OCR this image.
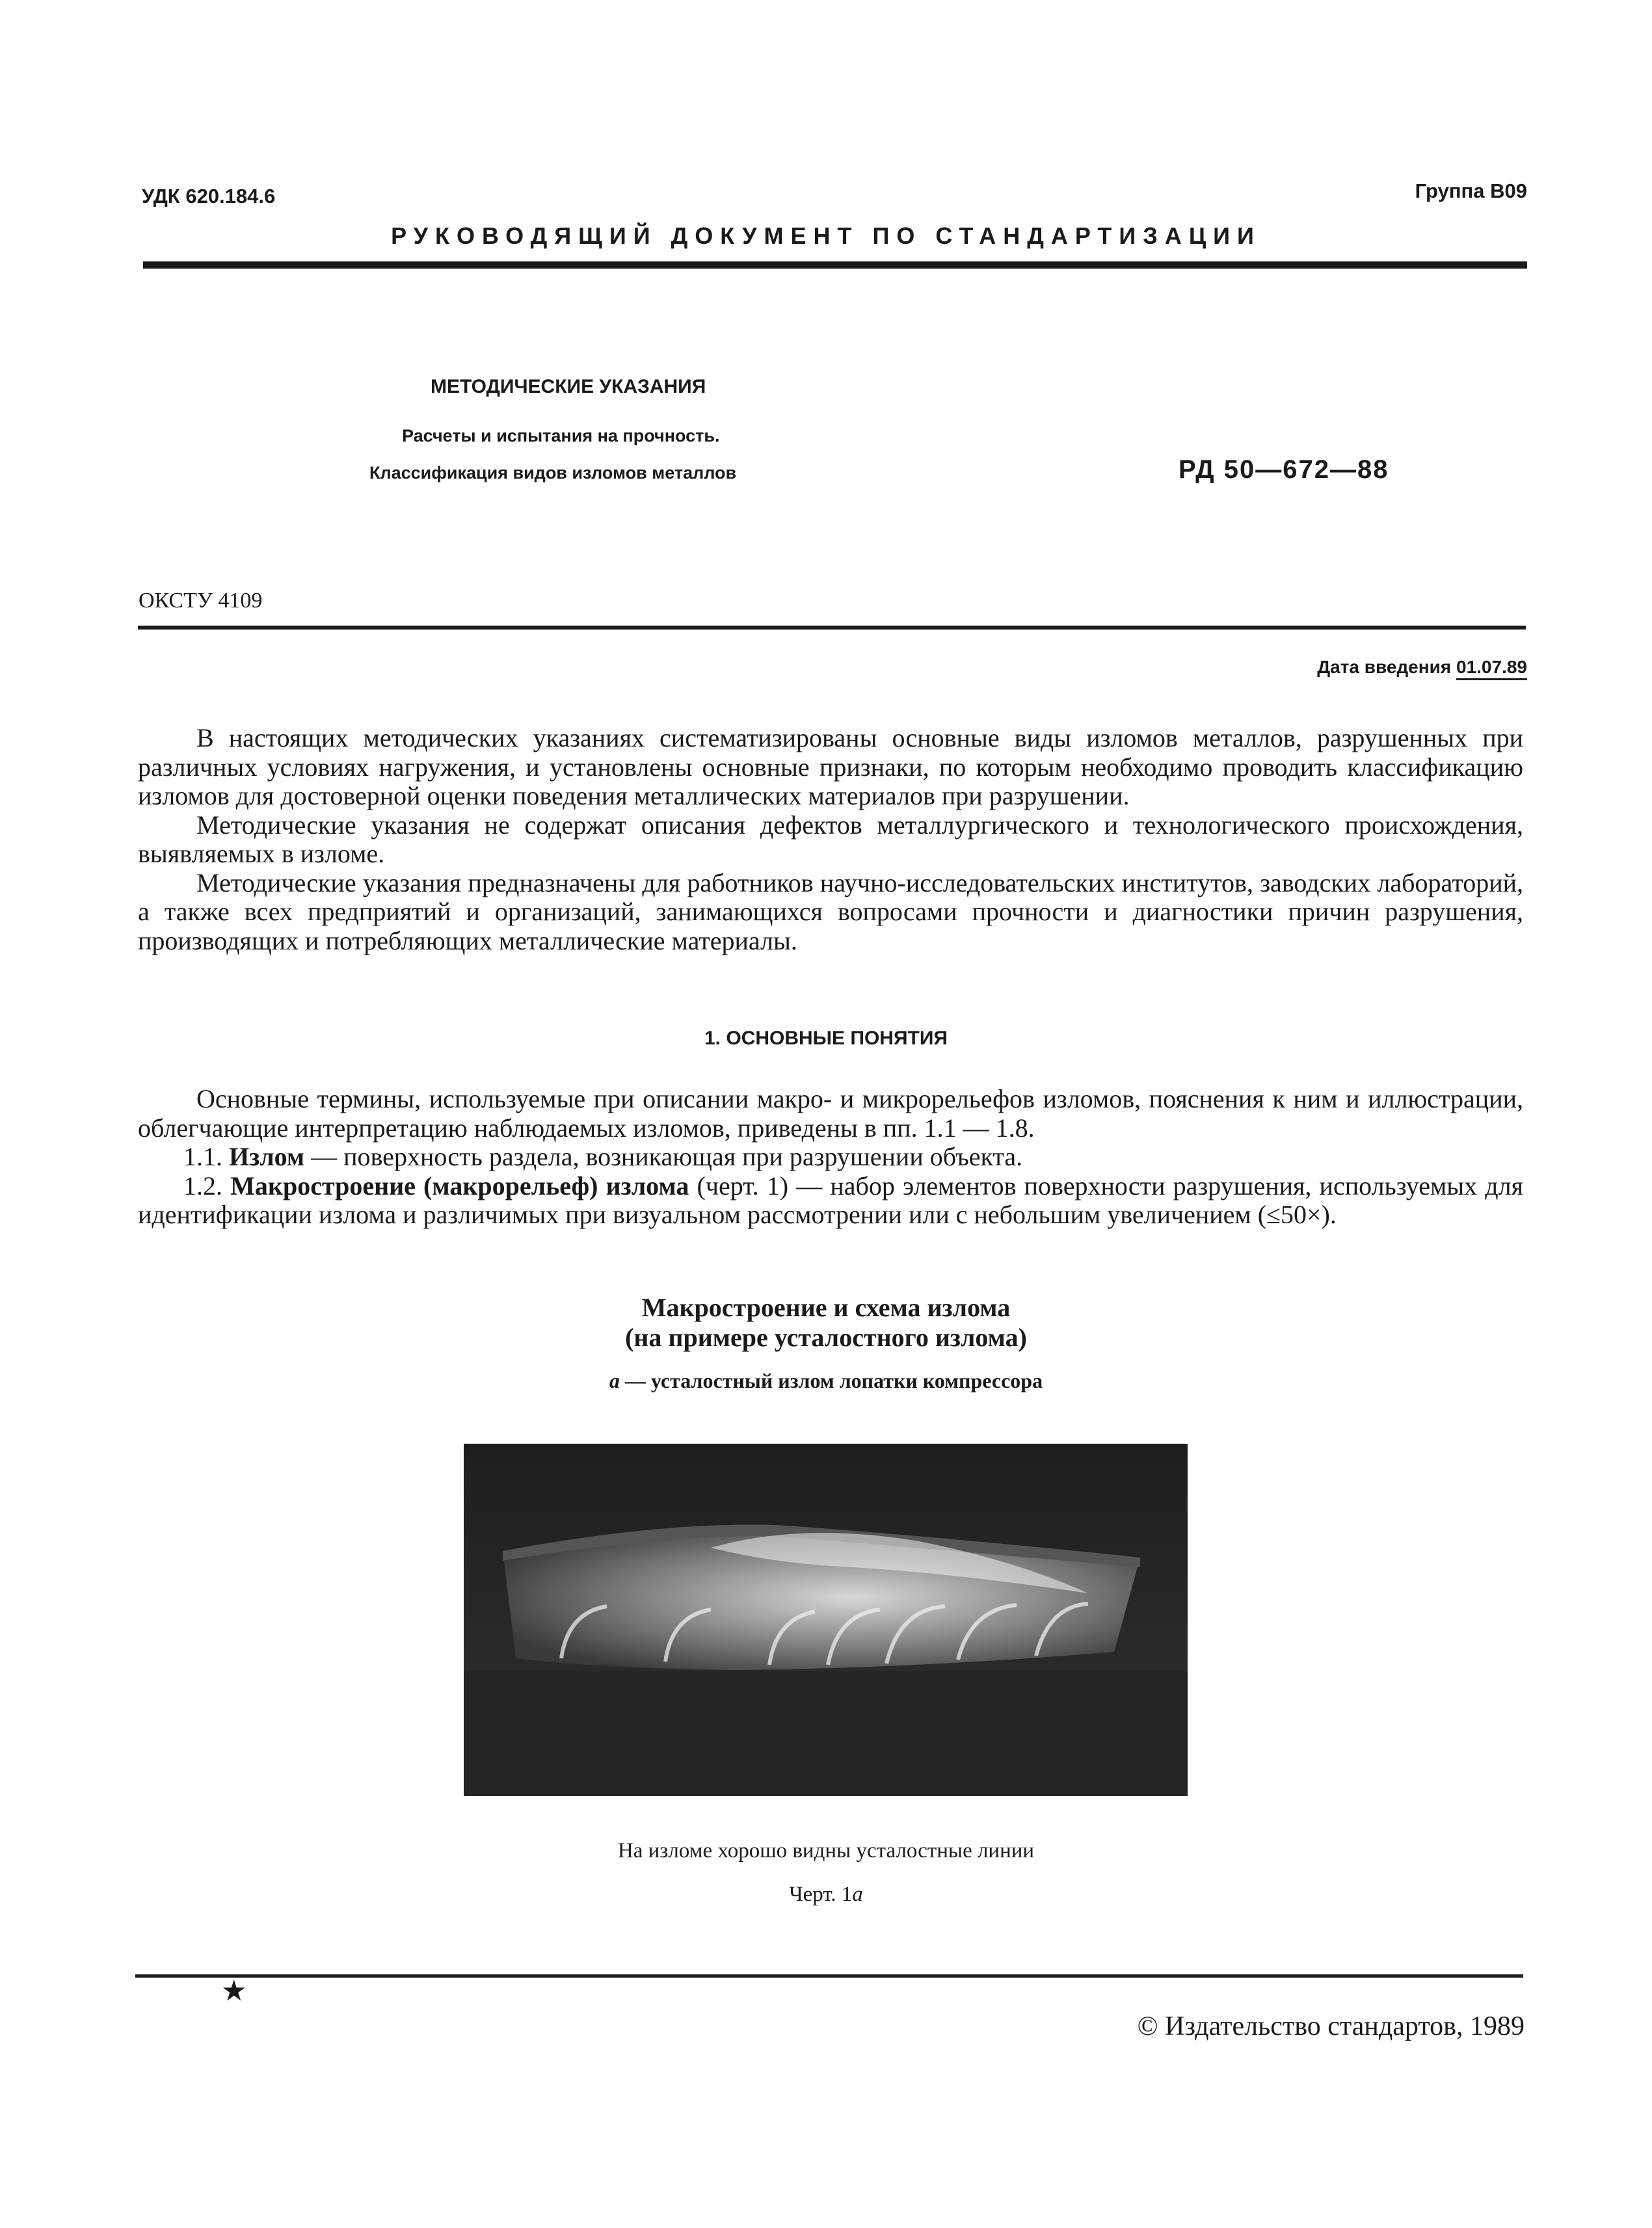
УДК 620.184.6	Группа В09
РУКОВОДЯЩИЙ ДОКУМЕНТ ПО СТАНДАРТИЗАЦИИ
МЕТОДИЧЕСКИЕ УКАЗАНИЯ
Расчеты и испытания на прочность.
Классификация видов изломов металлов	РД 50—672—88
ОКСТУ 4109
Дата введения 01.07.89

В настоящих методических указаниях систематизированы основные виды изломов металлов, разрушенных при различных условиях нагружения, и установлены основные признаки, по которым необходимо проводить классификацию изломов для достоверной оценки поведения металлических материалов при разрушении.

Методические указания не содержат описания дефектов металлургического и технологического происхождения, выявляемых в изломе.

Методические указания предназначены для работников научно-исследовательских институтов, заводских лабораторий, а также всех предприятий и организаций, занимающихся вопросами прочности и диагностики причин разрушения, производящих и потребляющих металлические материалы.

1. ОСНОВНЫЕ ПОНЯТИЯ

Основные термины, используемые при описании макро- и микрорельефов изломов, пояснения к ним и иллюстрации, облегчающие интерпретацию наблюдаемых изломов, приведены в пп. 1.1 — 1.8.

1.1. Излом — поверхность раздела, возникающая при разрушении объекта.

1.2. Макростроение (макрорельеф) излома (черт. 1) — набор элементов поверхности разрушения, используемых для идентификации излома и различимых при визуальном рассмотрении или с небольшим увеличением (≤50×).

Макростроение и схема излома
(на примере усталостного излома)
а — усталостный излом лопатки компрессора
На изломе хорошо видны усталостные линии
Черт. 1а
★
© Издательство стандартов, 1989
